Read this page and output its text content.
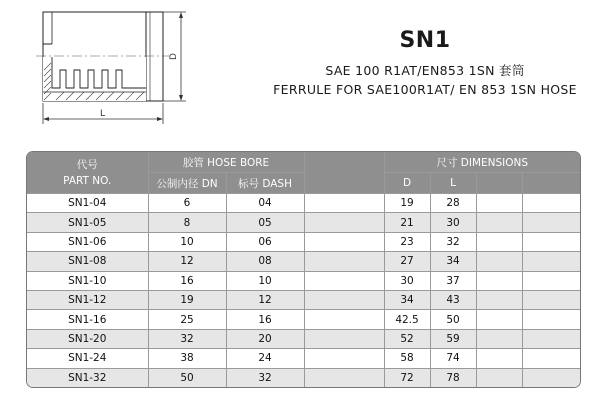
D
L
SN1
SAE 100 R1AT/EN853 1SN 套筒
FERRULE FOR SAE100R1AT/ EN 853 1SN HOSE
代号
PART NO.	胶管 HOSE BORE			尺寸 DIMENSIONS			
	公制内径 DN	标号 DASH		D	L		
SN1-04	6	04		19	28		
SN1-05	8	05		21	30		
SN1-06	10	06		23	32		
SN1-08	12	08		27	34		
SN1-10	16	10		30	37		
SN1-12	19	12		34	43		
SN1-16	25	16		42.5	50		
SN1-20	32	20		52	59		
SN1-24	38	24		58	74		
SN1-32	50	32		72	78		
